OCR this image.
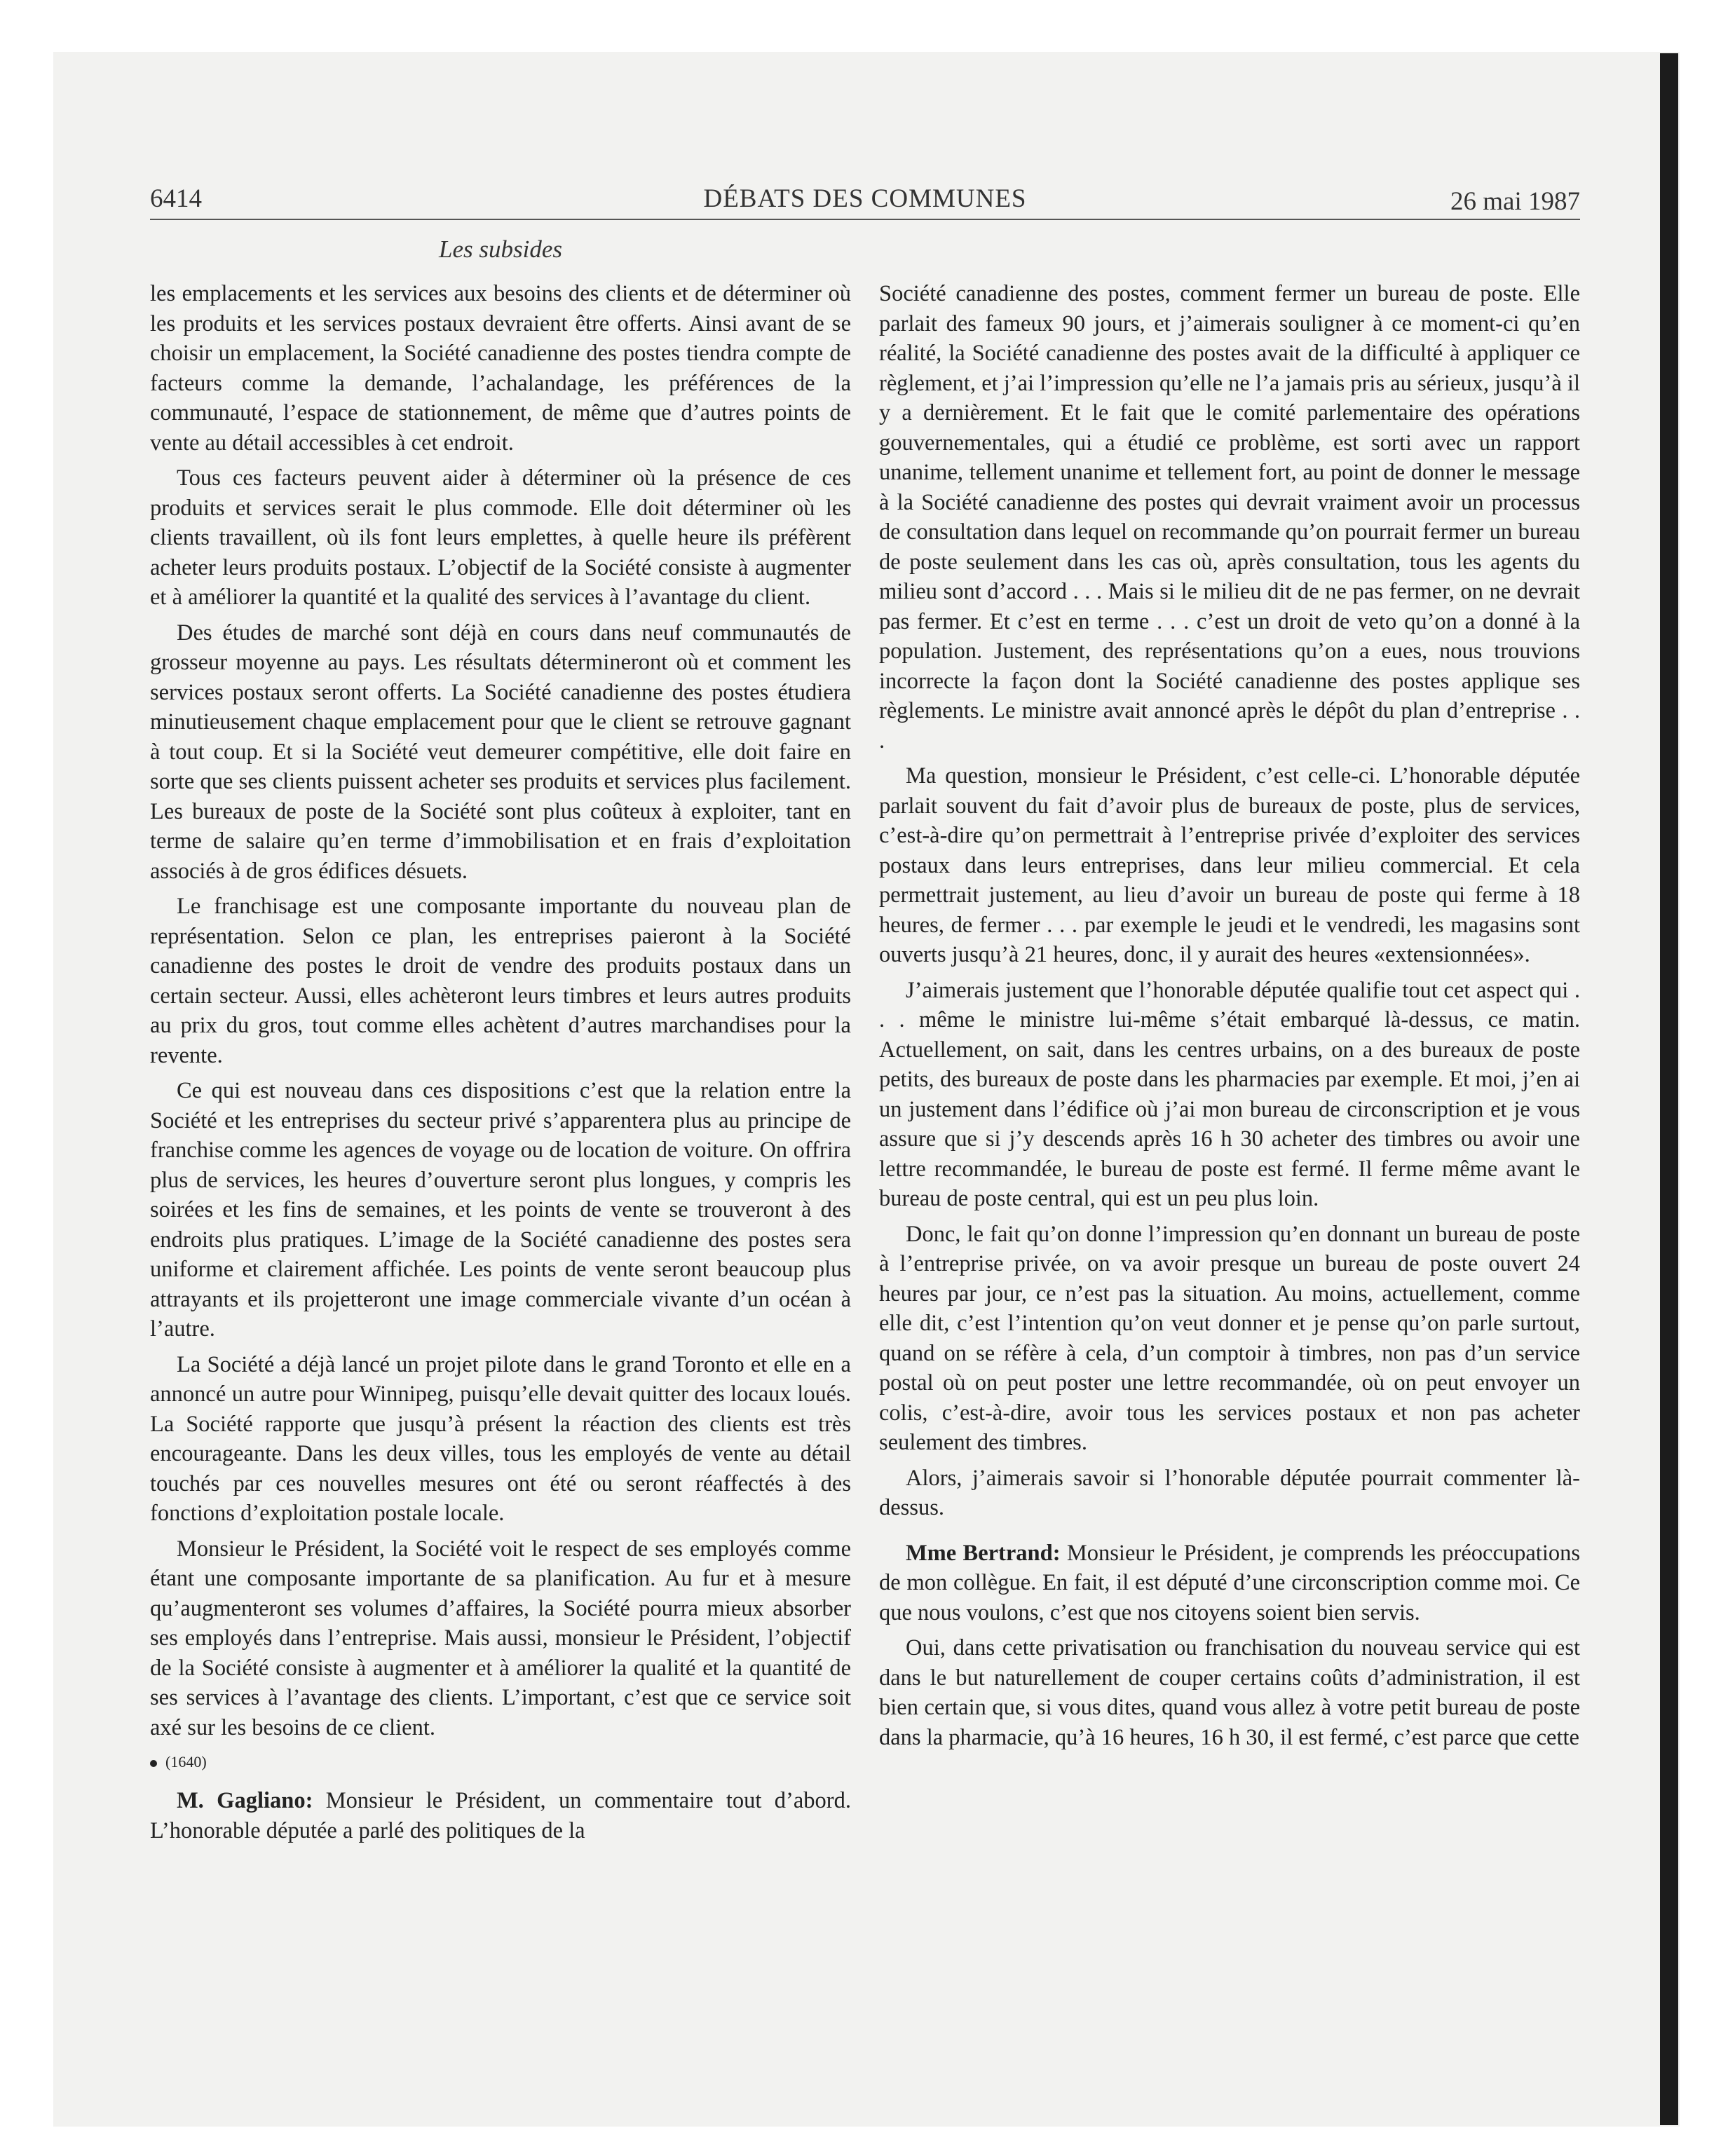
6414	DÉBATS DES COMMUNES	26 mai 1987
Les subsides

les emplacements et les services aux besoins des clients et de déterminer où les produits et les services postaux devraient être offerts. Ainsi avant de se choisir un emplacement, la Société canadienne des postes tiendra compte de facteurs comme la demande, l’achalandage, les préférences de la communauté, l’espace de stationnement, de même que d’autres points de vente au détail accessibles à cet endroit.

Tous ces facteurs peuvent aider à déterminer où la présence de ces produits et services serait le plus commode. Elle doit déterminer où les clients travaillent, où ils font leurs emplettes, à quelle heure ils préfèrent acheter leurs produits postaux. L’objectif de la Société consiste à augmenter et à améliorer la quantité et la qualité des services à l’avantage du client.

Des études de marché sont déjà en cours dans neuf communautés de grosseur moyenne au pays. Les résultats détermineront où et comment les services postaux seront offerts. La Société canadienne des postes étudiera minutieusement chaque emplacement pour que le client se retrouve gagnant à tout coup. Et si la Société veut demeurer compétitive, elle doit faire en sorte que ses clients puissent acheter ses produits et services plus facilement. Les bureaux de poste de la Société sont plus coûteux à exploiter, tant en terme de salaire qu’en terme d’immobilisation et en frais d’exploitation associés à de gros édifices désuets.

Le franchisage est une composante importante du nouveau plan de représentation. Selon ce plan, les entreprises paieront à la Société canadienne des postes le droit de vendre des produits postaux dans un certain secteur. Aussi, elles achèteront leurs timbres et leurs autres produits au prix du gros, tout comme elles achètent d’autres marchandises pour la revente.

Ce qui est nouveau dans ces dispositions c’est que la relation entre la Société et les entreprises du secteur privé s’apparentera plus au principe de franchise comme les agences de voyage ou de location de voiture. On offrira plus de services, les heures d’ouverture seront plus longues, y compris les soirées et les fins de semaines, et les points de vente se trouveront à des endroits plus pratiques. L’image de la Société canadienne des postes sera uniforme et clairement affichée. Les points de vente seront beaucoup plus attrayants et ils projetteront une image commerciale vivante d’un océan à l’autre.

La Société a déjà lancé un projet pilote dans le grand Toronto et elle en a annoncé un autre pour Winnipeg, puisqu’elle devait quitter des locaux loués. La Société rapporte que jusqu’à présent la réaction des clients est très encourageante. Dans les deux villes, tous les employés de vente au détail touchés par ces nouvelles mesures ont été ou seront réaffectés à des fonctions d’exploitation postale locale.

Monsieur le Président, la Société voit le respect de ses employés comme étant une composante importante de sa planification. Au fur et à mesure qu’augmenteront ses volumes d’affaires, la Société pourra mieux absorber ses employés dans l’entreprise. Mais aussi, monsieur le Président, l’objectif de la Société consiste à augmenter et à améliorer la qualité et la quantité de ses services à l’avantage des clients. L’important, c’est que ce service soit axé sur les besoins de ce client.

(1640)

M. Gagliano: Monsieur le Président, un commentaire tout d’abord. L’honorable députée a parlé des politiques de la

Société canadienne des postes, comment fermer un bureau de poste. Elle parlait des fameux 90 jours, et j’aimerais souligner à ce moment-ci qu’en réalité, la Société canadienne des postes avait de la difficulté à appliquer ce règlement, et j’ai l’impression qu’elle ne l’a jamais pris au sérieux, jusqu’à il y a dernièrement. Et le fait que le comité parlementaire des opérations gouvernementales, qui a étudié ce problème, est sorti avec un rapport unanime, tellement unanime et tellement fort, au point de donner le message à la Société canadienne des postes qui devrait vraiment avoir un processus de consultation dans lequel on recommande qu’on pourrait fermer un bureau de poste seulement dans les cas où, après consultation, tous les agents du milieu sont d’accord . . . Mais si le milieu dit de ne pas fermer, on ne devrait pas fermer. Et c’est en terme . . . c’est un droit de veto qu’on a donné à la population. Justement, des représentations qu’on a eues, nous trouvions incorrecte la façon dont la Société canadienne des postes applique ses règlements. Le ministre avait annoncé après le dépôt du plan d’entreprise . . .

Ma question, monsieur le Président, c’est celle-ci. L’honorable députée parlait souvent du fait d’avoir plus de bureaux de poste, plus de services, c’est-à-dire qu’on permettrait à l’entreprise privée d’exploiter des services postaux dans leurs entreprises, dans leur milieu commercial. Et cela permettrait justement, au lieu d’avoir un bureau de poste qui ferme à 18 heures, de fermer . . . par exemple le jeudi et le vendredi, les magasins sont ouverts jusqu’à 21 heures, donc, il y aurait des heures «extensionnées».

J’aimerais justement que l’honorable députée qualifie tout cet aspect qui . . . même le ministre lui-même s’était embarqué là-dessus, ce matin. Actuellement, on sait, dans les centres urbains, on a des bureaux de poste petits, des bureaux de poste dans les pharmacies par exemple. Et moi, j’en ai un justement dans l’édifice où j’ai mon bureau de circonscription et je vous assure que si j’y descends après 16 h 30 acheter des timbres ou avoir une lettre recommandée, le bureau de poste est fermé. Il ferme même avant le bureau de poste central, qui est un peu plus loin.

Donc, le fait qu’on donne l’impression qu’en donnant un bureau de poste à l’entreprise privée, on va avoir presque un bureau de poste ouvert 24 heures par jour, ce n’est pas la situation. Au moins, actuellement, comme elle dit, c’est l’intention qu’on veut donner et je pense qu’on parle surtout, quand on se réfère à cela, d’un comptoir à timbres, non pas d’un service postal où on peut poster une lettre recommandée, où on peut envoyer un colis, c’est-à-dire, avoir tous les services postaux et non pas acheter seulement des timbres.

Alors, j’aimerais savoir si l’honorable députée pourrait commenter là-dessus.

Mme Bertrand: Monsieur le Président, je comprends les préoccupations de mon collègue. En fait, il est député d’une circonscription comme moi. Ce que nous voulons, c’est que nos citoyens soient bien servis.

Oui, dans cette privatisation ou franchisation du nouveau service qui est dans le but naturellement de couper certains coûts d’administration, il est bien certain que, si vous dites, quand vous allez à votre petit bureau de poste dans la pharmacie, qu’à 16 heures, 16 h 30, il est fermé, c’est parce que cette
